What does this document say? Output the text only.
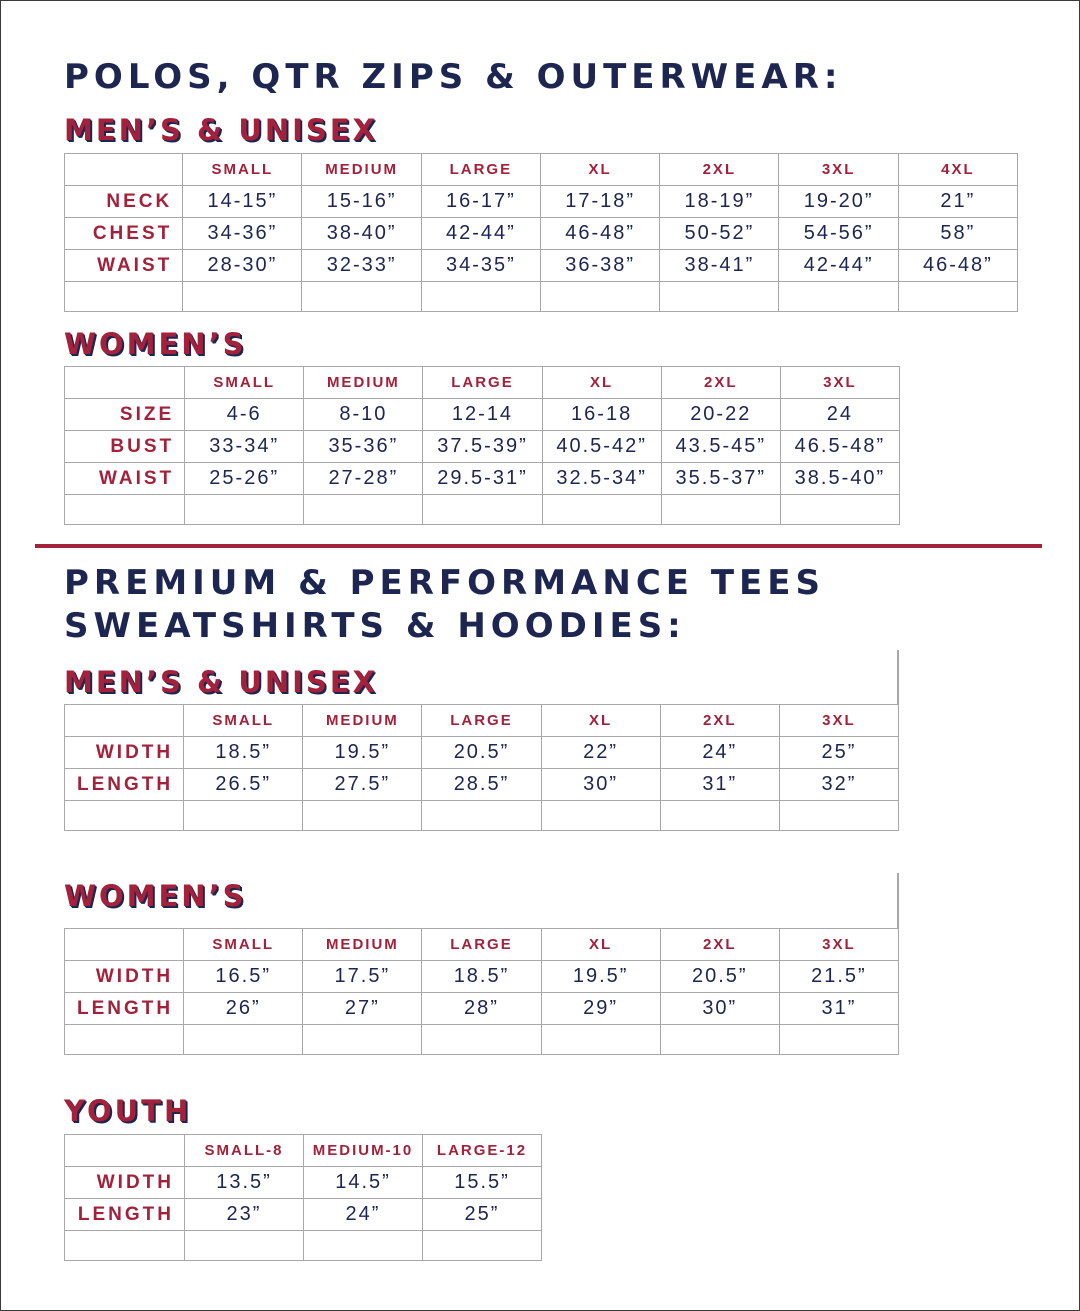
POLOS, QTR ZIPS & OUTERWEAR:
MEN’S & UNISEX
	SMALL	MEDIUM	LARGE	XL	2XL	3XL	4XL
NECK	14-15”	15-16”	16-17”	17-18”	18-19”	19-20”	21”
CHEST	34-36”	38-40”	42-44”	46-48”	50-52”	54-56”	58”
WAIST	28-30”	32-33”	34-35”	36-38”	38-41”	42-44”	46-48”

WOMEN’S
	SMALL	MEDIUM	LARGE	XL	2XL	3XL
SIZE	4-6	8-10	12-14	16-18	20-22	24
BUST	33-34”	35-36”	37.5-39”	40.5-42”	43.5-45”	46.5-48”
WAIST	25-26”	27-28”	29.5-31”	32.5-34”	35.5-37”	38.5-40”

PREMIUM & PERFORMANCE TEES
SWEATSHIRTS & HOODIES:
MEN’S & UNISEX
	SMALL	MEDIUM	LARGE	XL	2XL	3XL
WIDTH	18.5”	19.5”	20.5”	22”	24”	25”
LENGTH	26.5”	27.5”	28.5”	30”	31”	32”

WOMEN’S
	SMALL	MEDIUM	LARGE	XL	2XL	3XL
WIDTH	16.5”	17.5”	18.5”	19.5”	20.5”	21.5”
LENGTH	26”	27”	28”	29”	30”	31”

YOUTH
	SMALL-8	MEDIUM-10	LARGE-12
WIDTH	13.5”	14.5”	15.5”
LENGTH	23”	24”	25”
